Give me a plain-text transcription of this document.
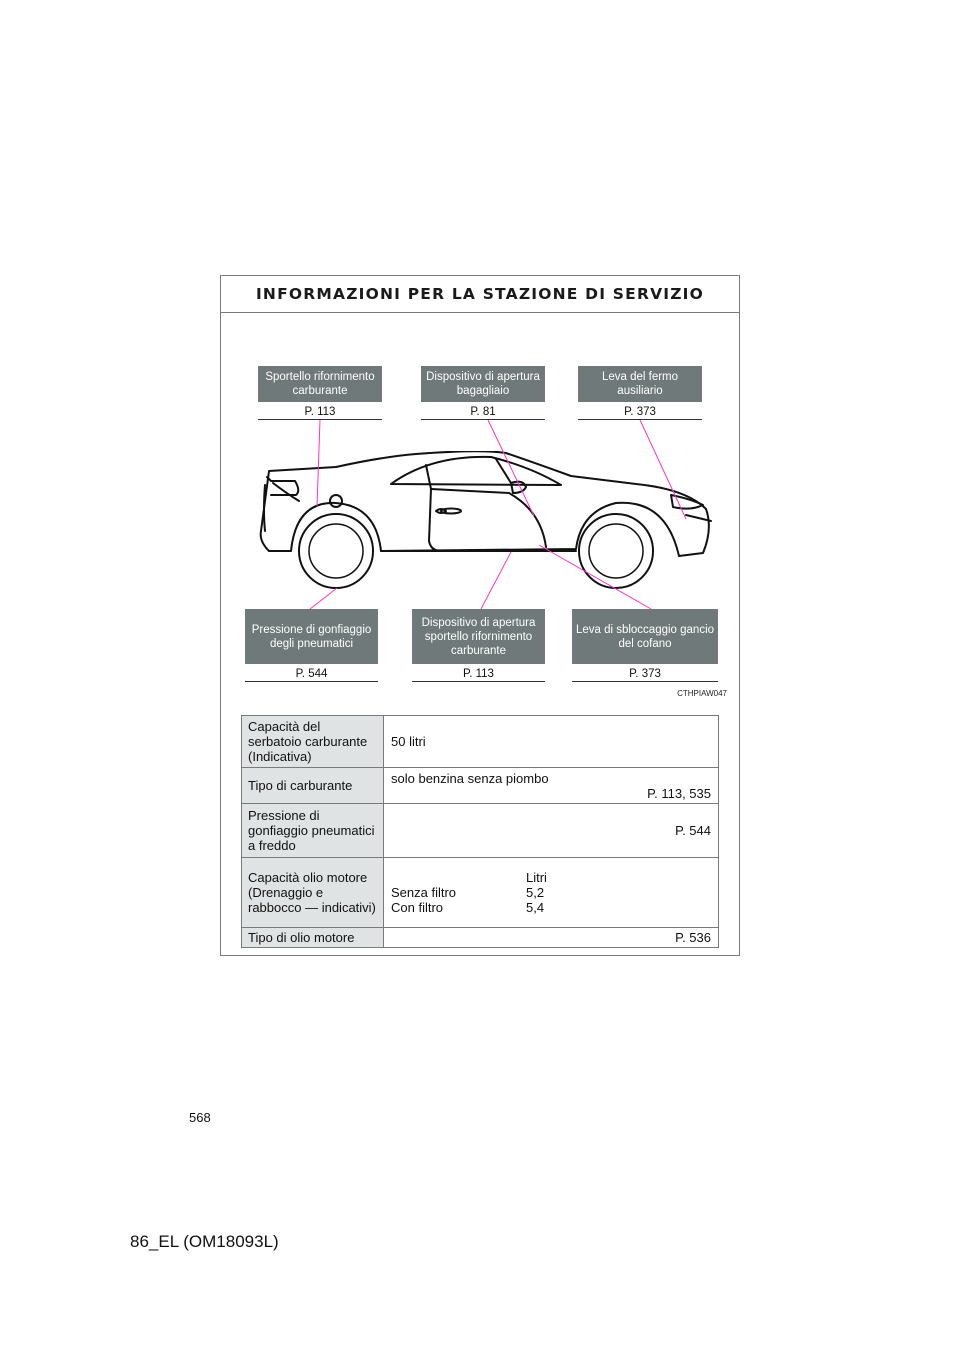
INFORMAZIONI PER LA STAZIONE DI SERVIZIO
Sportello rifornimento carburante
P. 113
Dispositivo di apertura bagagliaio
P. 81
Leva del fermo ausiliario
P. 373
Pressione di gonfiaggio degli pneumatici
P. 544
Dispositivo di apertura sportello rifornimento carburante
P. 113
Leva di sbloccaggio gancio del cofano
P. 373
CTHPIAW047
Capacità del serbatoio carburante (Indicativa)	50 litri
Tipo di carburante	solo benzina senza piombo
P. 113, 535

Pressione di gonfiaggio pneumatici a freddo	P. 544

Capacità olio motore (Drenaggio e rabbocco — indicativi)	Litri
Senza filtro 5,2
Con filtro 5,4

Tipo di olio motore	P. 536
568
86_EL (OM18093L)
